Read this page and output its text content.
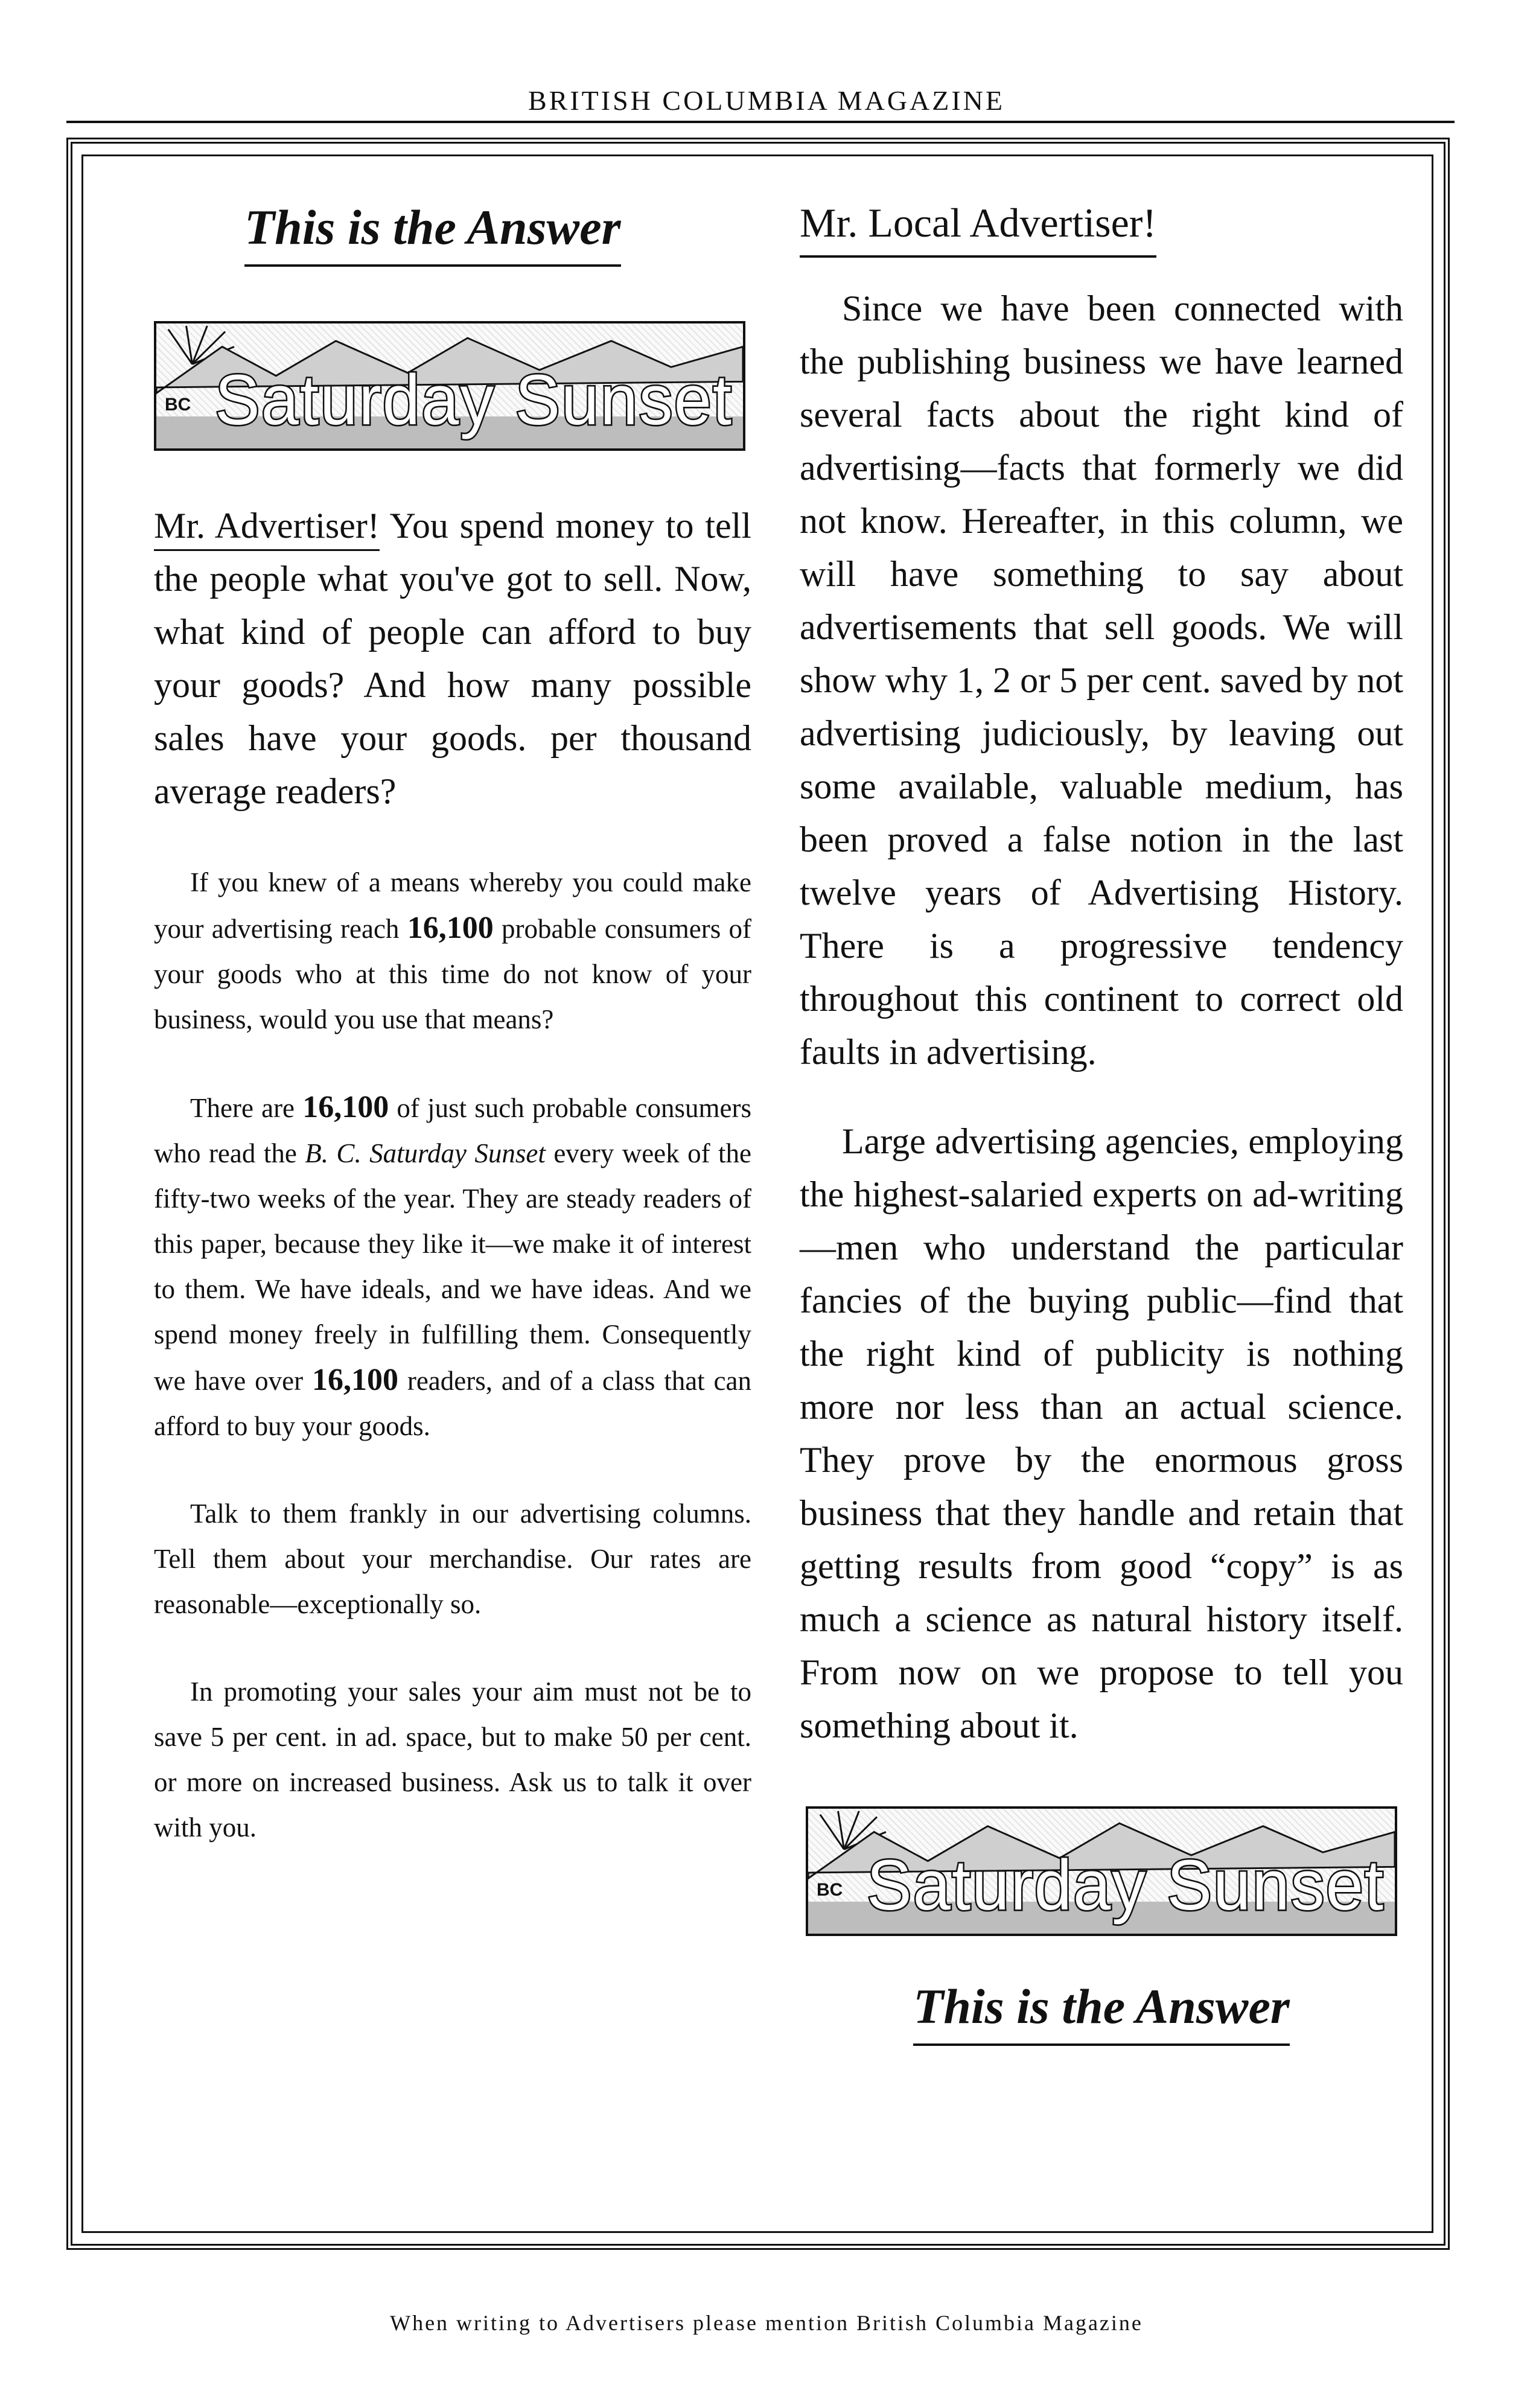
BRITISH COLUMBIA MAGAZINE
This is the Answer
BC Saturday Sunset
Mr. Advertiser! You spend money to tell the people what you've got to sell. Now, what kind of people can afford to buy your goods? And how many possible sales have your goods. per thousand average readers?
If you knew of a means whereby you could make your advertising reach 16,100 probable consumers of your goods who at this time do not know of your business, would you use that means?
There are 16,100 of just such probable consumers who read the B. C. Saturday Sunset every week of the fifty-two weeks of the year. They are steady readers of this paper, because they like it—we make it of interest to them. We have ideals, and we have ideas. And we spend money freely in fulfilling them. Consequently we have over 16,100 readers, and of a class that can afford to buy your goods.
Talk to them frankly in our advertising columns. Tell them about your merchandise. Our rates are reasonable—exceptionally so.
In promoting your sales your aim must not be to save 5 per cent. in ad. space, but to make 50 per cent. or more on increased business. Ask us to talk it over with you.
Mr. Local Advertiser!
Since we have been connected with the publishing business we have learned several facts about the right kind of advertising—facts that formerly we did not know. Hereafter, in this column, we will have something to say about advertisements that sell goods. We will show why 1, 2 or 5 per cent. saved by not advertising judiciously, by leaving out some available, valuable medium, has been proved a false notion in the last twelve years of Advertising History. There is a progressive tendency throughout this continent to correct old faults in advertising.
Large advertising agencies, employing the highest-salaried experts on ad-writing—men who understand the particular fancies of the buying public—find that the right kind of publicity is nothing more nor less than an actual science. They prove by the enormous gross business that they handle and retain that getting results from good “copy” is as much a science as natural history itself. From now on we propose to tell you something about it.
BC Saturday Sunset
This is the Answer
When writing to Advertisers please mention British Columbia Magazine
